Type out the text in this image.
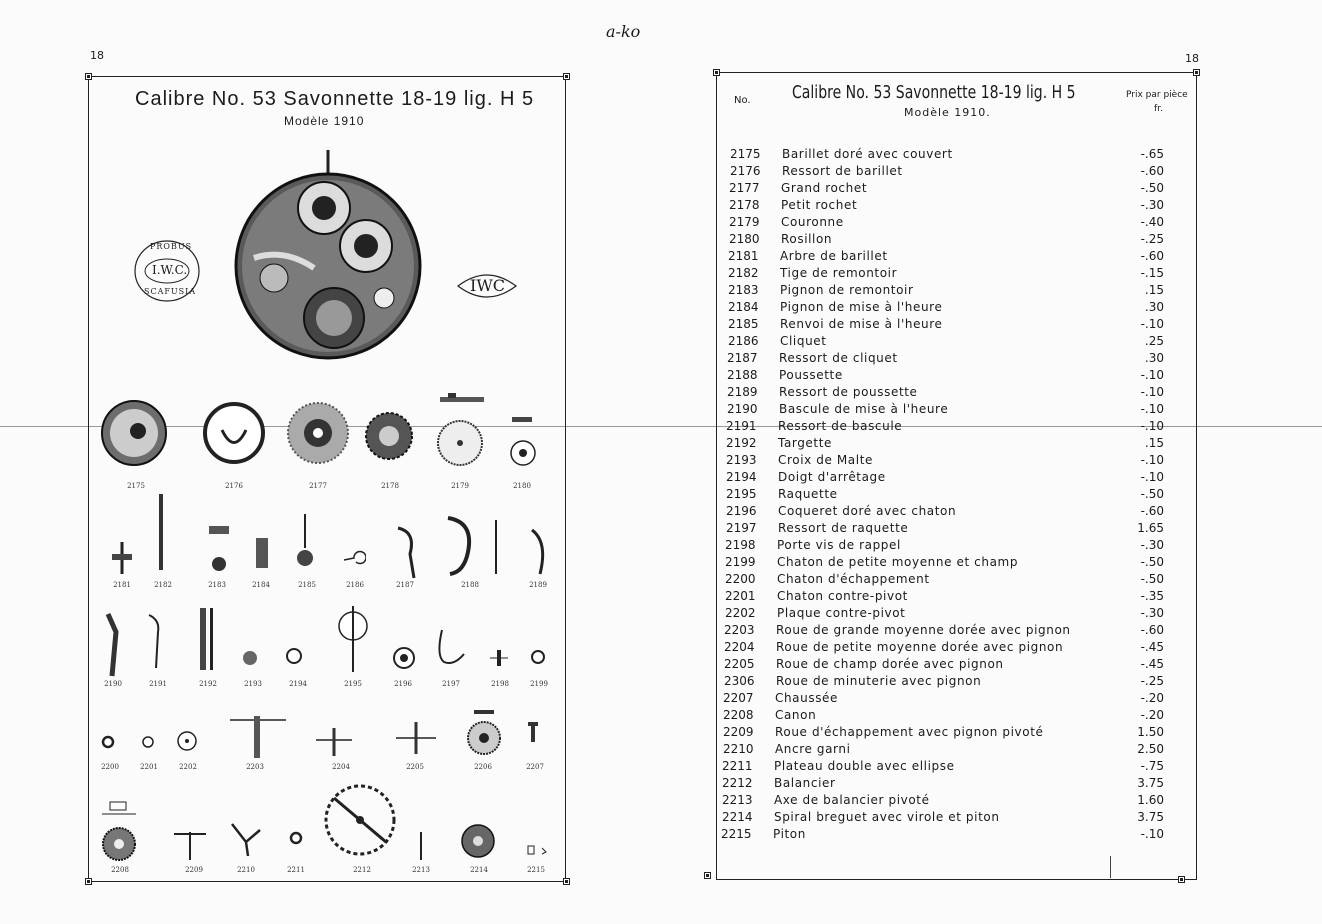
a-ko
18
Calibre No. 53 Savonnette 18-19 lig. H 5
Modèle 1910
PROBUS
I.W.C.
SCAFUSIA	IWC
2175	2176	2177	2178	2179	2180
2181	2182	2183	2184	2185	2186	2187	2188	2189
2190	2191	2192	2193	2194	2195	2196	2197	2198	2199
2200	2201	2202	2203	2204	2205	2206	2207
2208	2209	2210	2211	2212	2213	2214	2215
18
No. Calibre No. 53 Savonnette 18-19 lig. H 5
Modèle 1910.
Prix par pièce
fr.
2175	Barillet doré avec couvert	-.65
2176	Ressort de barillet	-.60
2177	Grand rochet	-.50
2178	Petit rochet	-.30
2179	Couronne	-.40
2180	Rosillon	-.25
2181	Arbre de barillet	-.60
2182	Tige de remontoir	-.15
2183	Pignon de remontoir	.15
2184	Pignon de mise à l'heure	.30
2185	Renvoi de mise à l'heure	-.10
2186	Cliquet	.25
2187	Ressort de cliquet	.30
2188	Poussette	-.10
2189	Ressort de poussette	-.10
2190	Bascule de mise à l'heure	-.10
2191	Ressort de bascule	-.10
2192	Targette	.15
2193	Croix de Malte	-.10
2194	Doigt d'arrêtage	-.10
2195	Raquette	-.50
2196	Coqueret doré avec chaton	-.60
2197	Ressort de raquette	1.65
2198	Porte vis de rappel	-.30
2199	Chaton de petite moyenne et champ	-.50
2200	Chaton d'échappement	-.50
2201	Chaton contre-pivot	-.35
2202	Plaque contre-pivot	-.30
2203	Roue de grande moyenne dorée avec pignon	-.60
2204	Roue de petite moyenne dorée avec pignon	-.45
2205	Roue de champ dorée avec pignon	-.45
2306	Roue de minuterie avec pignon	-.25
2207	Chaussée	-.20
2208	Canon	-.20
2209	Roue d'échappement avec pignon pivoté	1.50
2210	Ancre garni	2.50
2211	Plateau double avec ellipse	-.75
2212	Balancier	3.75
2213	Axe de balancier pivoté	1.60
2214	Spiral breguet avec virole et piton	3.75
2215	Piton	-.10
